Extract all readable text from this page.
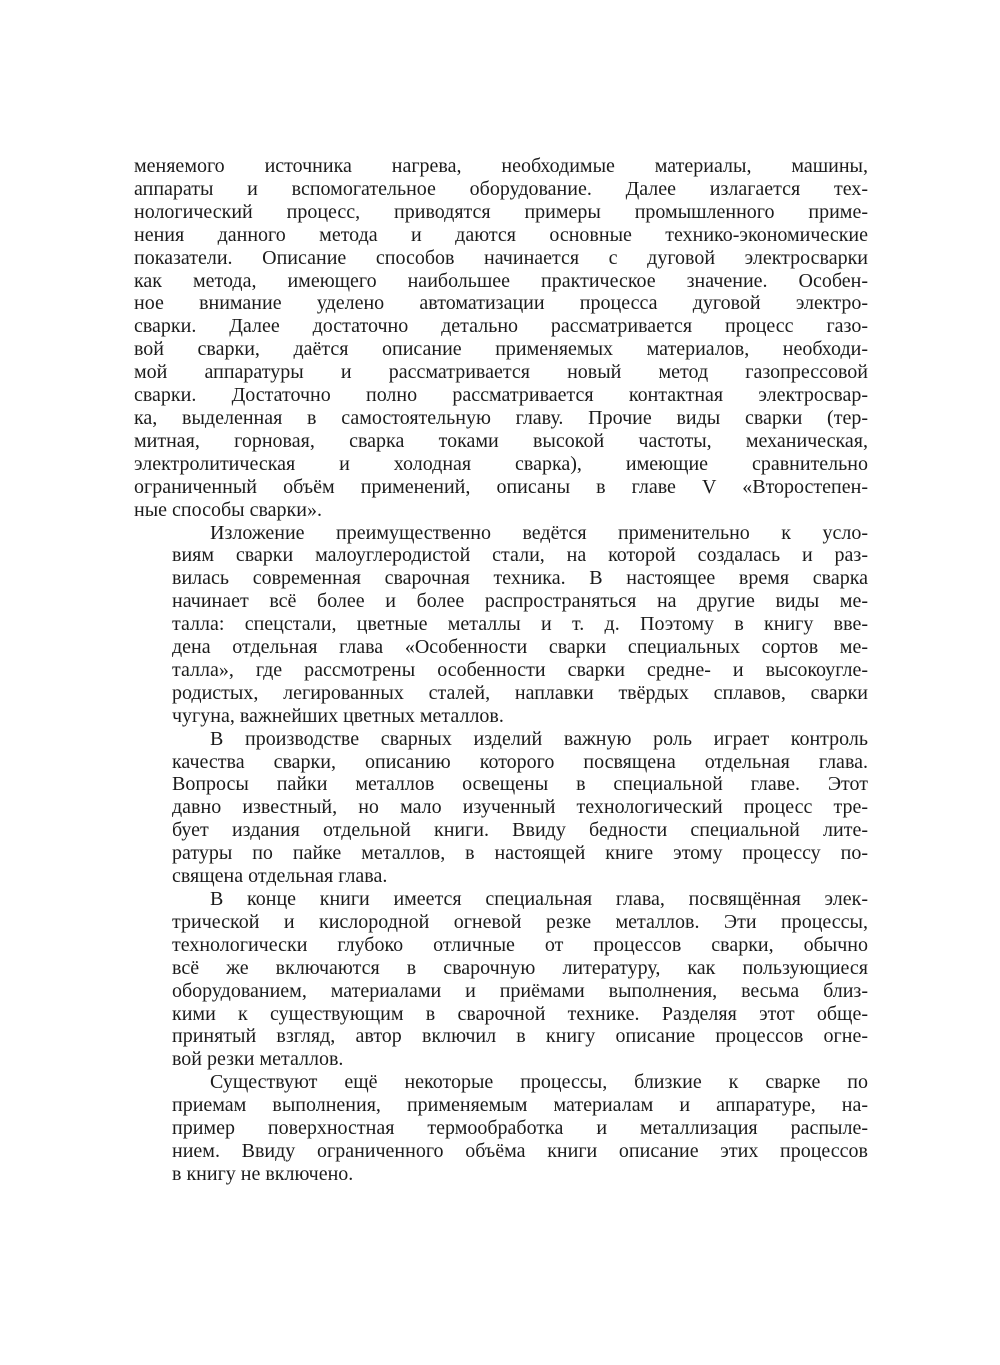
меняемого источника нагрева, необходимые материалы, машины,
аппараты и вспомогательное оборудование. Далее излагается тех-
нологический процесс, приводятся примеры промышленного приме-
нения данного метода и даются основные технико-экономические
показатели. Описание способов начинается с дуговой электросварки
как метода, имеющего наибольшее практическое значение. Особен-
ное внимание уделено автоматизации процесса дуговой электро-
сварки. Далее достаточно детально рассматривается процесс газо-
вой сварки, даётся описание применяемых материалов, необходи-
мой аппаратуры и рассматривается новый метод газопрессовой
сварки. Достаточно полно рассматривается контактная электросвар-
ка, выделенная в самостоятельную главу. Прочие виды сварки (тер-
митная, горновая, сварка токами высокой частоты, механическая,
электролитическая и холодная сварка), имеющие сравнительно
ограниченный объём применений, описаны в главе V «Второстепен-
ные способы сварки».
Изложение преимущественно ведётся применительно к усло-
виям сварки малоуглеродистой стали, на которой создалась и раз-
вилась современная сварочная техника. В настоящее время сварка
начинает всё более и более распространяться на другие виды ме-
талла: спецстали, цветные металлы и т. д. Поэтому в книгу вве-
дена отдельная глава «Особенности сварки специальных сортов ме-
талла», где рассмотрены особенности сварки средне- и высокоугле-
родистых, легированных сталей, наплавки твёрдых сплавов, сварки
чугуна, важнейших цветных металлов.
В производстве сварных изделий важную роль играет контроль
качества сварки, описанию которого посвящена отдельная глава.
Вопросы пайки металлов освещены в специальной главе. Этот
давно известный, но мало изученный технологический процесс тре-
бует издания отдельной книги. Ввиду бедности специальной лите-
ратуры по пайке металлов, в настоящей книге этому процессу по-
священа отдельная глава.
В конце книги имеется специальная глава, посвящённая элек-
трической и кислородной огневой резке металлов. Эти процессы,
технологически глубоко отличные от процессов сварки, обычно
всё же включаются в сварочную литературу, как пользующиеся
оборудованием, материалами и приёмами выполнения, весьма близ-
кими к существующим в сварочной технике. Разделяя этот обще-
принятый взгляд, автор включил в книгу описание процессов огне-
вой резки металлов.
Существуют ещё некоторые процессы, близкие к сварке по
приемам выполнения, применяемым материалам и аппаратуре, на-
пример поверхностная термообработка и металлизация распыле-
нием. Ввиду ограниченного объёма книги описание этих процессов
в книгу не включено.
